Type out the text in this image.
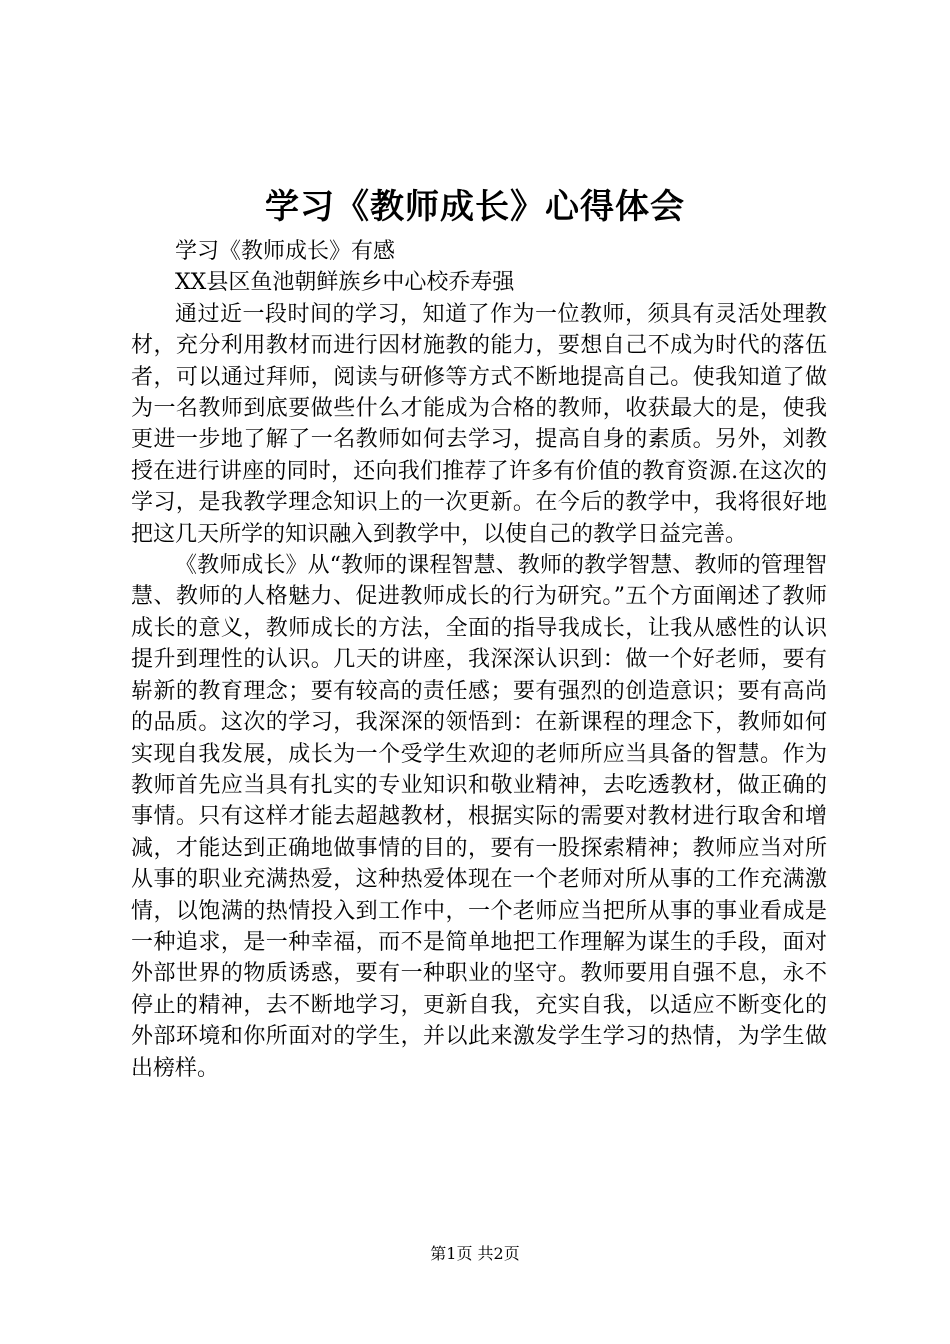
学习《教师成长》心得体会

学习《教师成长》有感

XX县区鱼池朝鲜族乡中心校乔寿强

通过近一段时间的学习，知道了作为一位教师，须具有灵活处理教材，充分利用教材而进行因材施教的能力，要想自己不成为时代的落伍者，可以通过拜师，阅读与研修等方式不断地提高自己。使我知道了做为一名教师到底要做些什么才能成为合格的教师，收获最大的是，使我更进一步地了解了一名教师如何去学习，提高自身的素质。另外，刘教授在进行讲座的同时，还向我们推荐了许多有价值的教育资源.在这次的学习，是我教学理念知识上的一次更新。在今后的教学中，我将很好地把这几天所学的知识融入到教学中，以使自己的教学日益完善。

《教师成长》从“教师的课程智慧、教师的教学智慧、教师的管理智慧、教师的人格魅力、促进教师成长的行为研究。”五个方面阐述了教师成长的意义，教师成长的方法，全面的指导我成长，让我从感性的认识提升到理性的认识。几天的讲座，我深深认识到：做一个好老师，要有崭新的教育理念；要有较高的责任感；要有强烈的创造意识；要有高尚的品质。这次的学习，我深深的领悟到：在新课程的理念下，教师如何实现自我发展，成长为一个受学生欢迎的老师所应当具备的智慧。作为教师首先应当具有扎实的专业知识和敬业精神，去吃透教材，做正确的事情。只有这样才能去超越教材，根据实际的需要对教材进行取舍和增减，才能达到正确地做事情的目的，要有一股探索精神；教师应当对所从事的职业充满热爱，这种热爱体现在一个老师对所从事的工作充满激情，以饱满的热情投入到工作中，一个老师应当把所从事的事业看成是一种追求，是一种幸福，而不是简单地把工作理解为谋生的手段，面对外部世界的物质诱惑，要有一种职业的坚守。教师要用自强不息，永不停止的精神，去不断地学习，更新自我，充实自我，以适应不断变化的外部环境和你所面对的学生，并以此来激发学生学习的热情，为学生做出榜样。

第1页 共2页
